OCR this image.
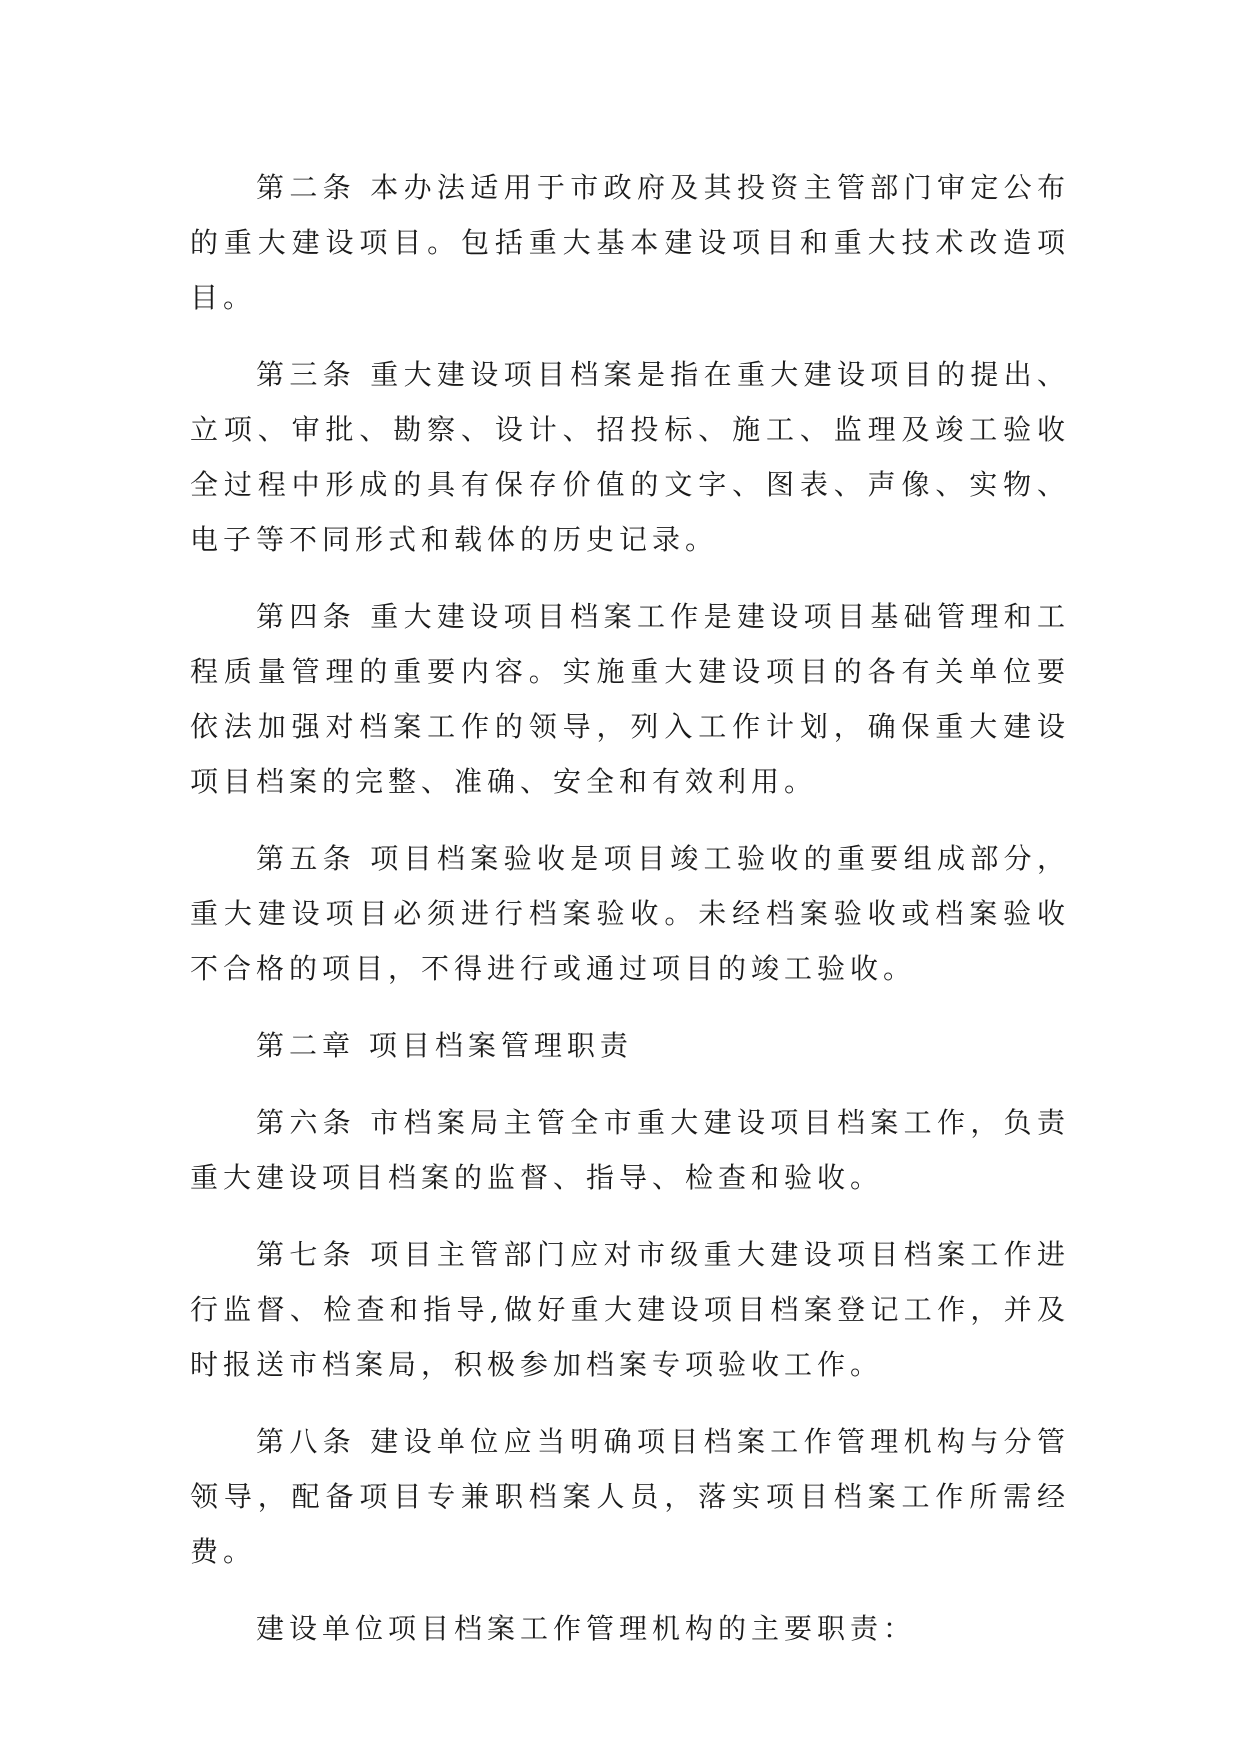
第二条 本办法适用于市政府及其投资主管部门审定公布的重大建设项目。包括重大基本建设项目和重大技术改造项目。

第三条 重大建设项目档案是指在重大建设项目的提出、立项、审批、勘察、设计、招投标、施工、监理及竣工验收全过程中形成的具有保存价值的文字、图表、声像、实物、电子等不同形式和载体的历史记录。

第四条 重大建设项目档案工作是建设项目基础管理和工程质量管理的重要内容。实施重大建设项目的各有关单位要依法加强对档案工作的领导，列入工作计划，确保重大建设项目档案的完整、准确、安全和有效利用。

第五条 项目档案验收是项目竣工验收的重要组成部分，重大建设项目必须进行档案验收。未经档案验收或档案验收不合格的项目，不得进行或通过项目的竣工验收。

第二章 项目档案管理职责

第六条 市档案局主管全市重大建设项目档案工作，负责重大建设项目档案的监督、指导、检查和验收。

第七条 项目主管部门应对市级重大建设项目档案工作进行监督、检查和指导,做好重大建设项目档案登记工作，并及时报送市档案局，积极参加档案专项验收工作。

第八条 建设单位应当明确项目档案工作管理机构与分管领导，配备项目专兼职档案人员，落实项目档案工作所需经费。

建设单位项目档案工作管理机构的主要职责：
